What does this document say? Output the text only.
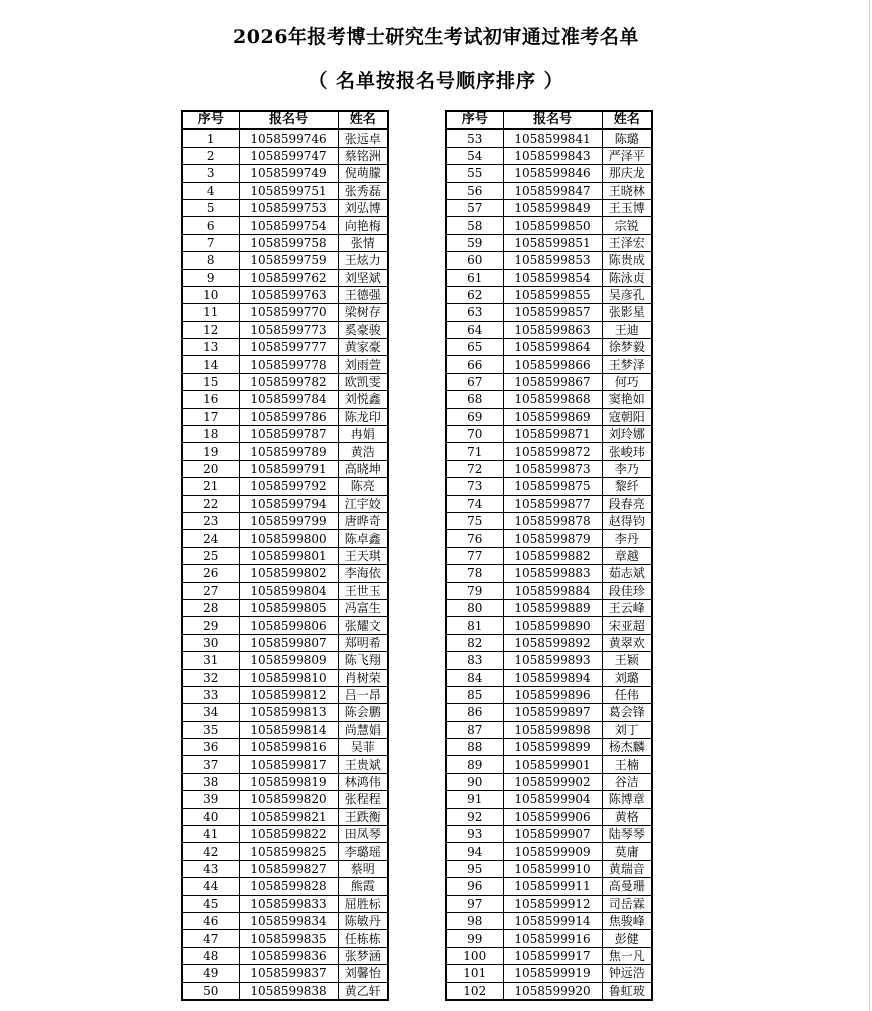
2026年报考博士研究生考试初审通过准考名单
（ 名单按报名号顺序排序 ）
序号	报名号	姓名
1	1058599746	张远卓
2	1058599747	蔡铭洲
3	1058599749	倪萌朦
4	1058599751	张秀磊
5	1058599753	刘弘博
6	1058599754	向艳梅
7	1058599758	张情
8	1058599759	王炫力
9	1058599762	刘坚斌
10	1058599763	王德强
11	1058599770	梁树存
12	1058599773	奚豪骏
13	1058599777	黄家豪
14	1058599778	刘雨萱
15	1058599782	欧凯雯
16	1058599784	刘悦鑫
17	1058599786	陈龙印
18	1058599787	冉娟
19	1058599789	黄浩
20	1058599791	高晓坤
21	1058599792	陈亮
22	1058599794	江宇姣
23	1058599799	唐晔奇
24	1058599800	陈卓鑫
25	1058599801	王天琪
26	1058599802	李海依
27	1058599804	王世玉
28	1058599805	冯富生
29	1058599806	张耀文
30	1058599807	郑明希
31	1058599809	陈飞翔
32	1058599810	肖树荣
33	1058599812	吕一昂
34	1058599813	陈会鹏
35	1058599814	尚慧娟
36	1058599816	吴菲
37	1058599817	王贵斌
38	1058599819	林鸿伟
39	1058599820	张程程
40	1058599821	王跌衡
41	1058599822	田凤琴
42	1058599825	李璐瑶
43	1058599827	蔡明
44	1058599828	熊霞
45	1058599833	屈胜标
46	1058599834	陈敏丹
47	1058599835	任栋栋
48	1058599836	张梦涵
49	1058599837	刘馨怡
50	1058599838	黄乙轩
序号	报名号	姓名
53	1058599841	陈璐
54	1058599843	严泽平
55	1058599846	那庆龙
56	1058599847	王晓林
57	1058599849	王玉博
58	1058599850	宗锐
59	1058599851	王泽宏
60	1058599853	陈贵成
61	1058599854	陈泳贞
62	1058599855	吴彦孔
63	1058599857	张影星
64	1058599863	王迪
65	1058599864	徐梦毅
66	1058599866	王梦泽
67	1058599867	何巧
68	1058599868	窦艳如
69	1058599869	寇朝阳
70	1058599871	刘玲娜
71	1058599872	张峻玮
72	1058599873	李乃
73	1058599875	黎纤
74	1058599877	段春亮
75	1058599878	赵得钧
76	1058599879	李丹
77	1058599882	章越
78	1058599883	茹志斌
79	1058599884	段佳珍
80	1058599889	王云峰
81	1058599890	宋亚超
82	1058599892	黄翠欢
83	1058599893	王颖
84	1058599894	刘璐
85	1058599896	任伟
86	1058599897	葛会锋
87	1058599898	刘丁
88	1058599899	杨杰麟
89	1058599901	王楠
90	1058599902	谷洁
91	1058599904	陈博章
92	1058599906	黄格
93	1058599907	陆琴琴
94	1058599909	莫庸
95	1058599910	黄瑞音
96	1058599911	高曼珊
97	1058599912	司岳霖
98	1058599914	焦骏峰
99	1058599916	彭健
100	1058599917	焦一凡
101	1058599919	钟远浩
102	1058599920	鲁虹玻
